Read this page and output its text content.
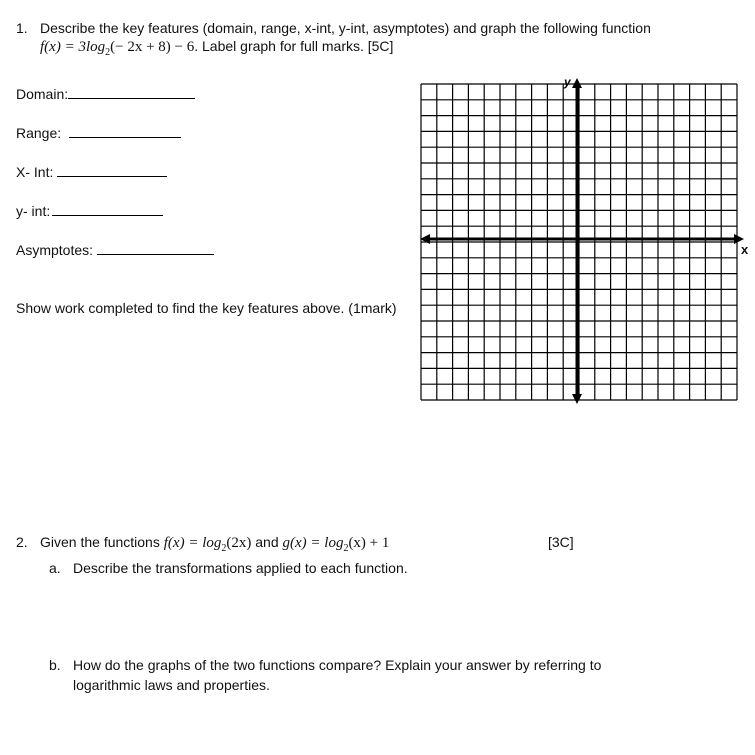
1. Describe the key features (domain, range, x-int, y-int, asymptotes) and graph the following function
$f(x) = 3\log_2(- 2x + 8) - 6$. Label graph for full marks. [5C]
Domain:
Range:
X- Int:
y- int:
Asymptotes:
Show work completed to find the key features above. (1mark)
y
x
2. Given the functions $f(x) = \log_2(2x)$ and $g(x) = \log_2(x) + 1$	[3C]
a. Describe the transformations applied to each function.
b. How do the graphs of the two functions compare? Explain your answer by referring to
logarithmic laws and properties.
